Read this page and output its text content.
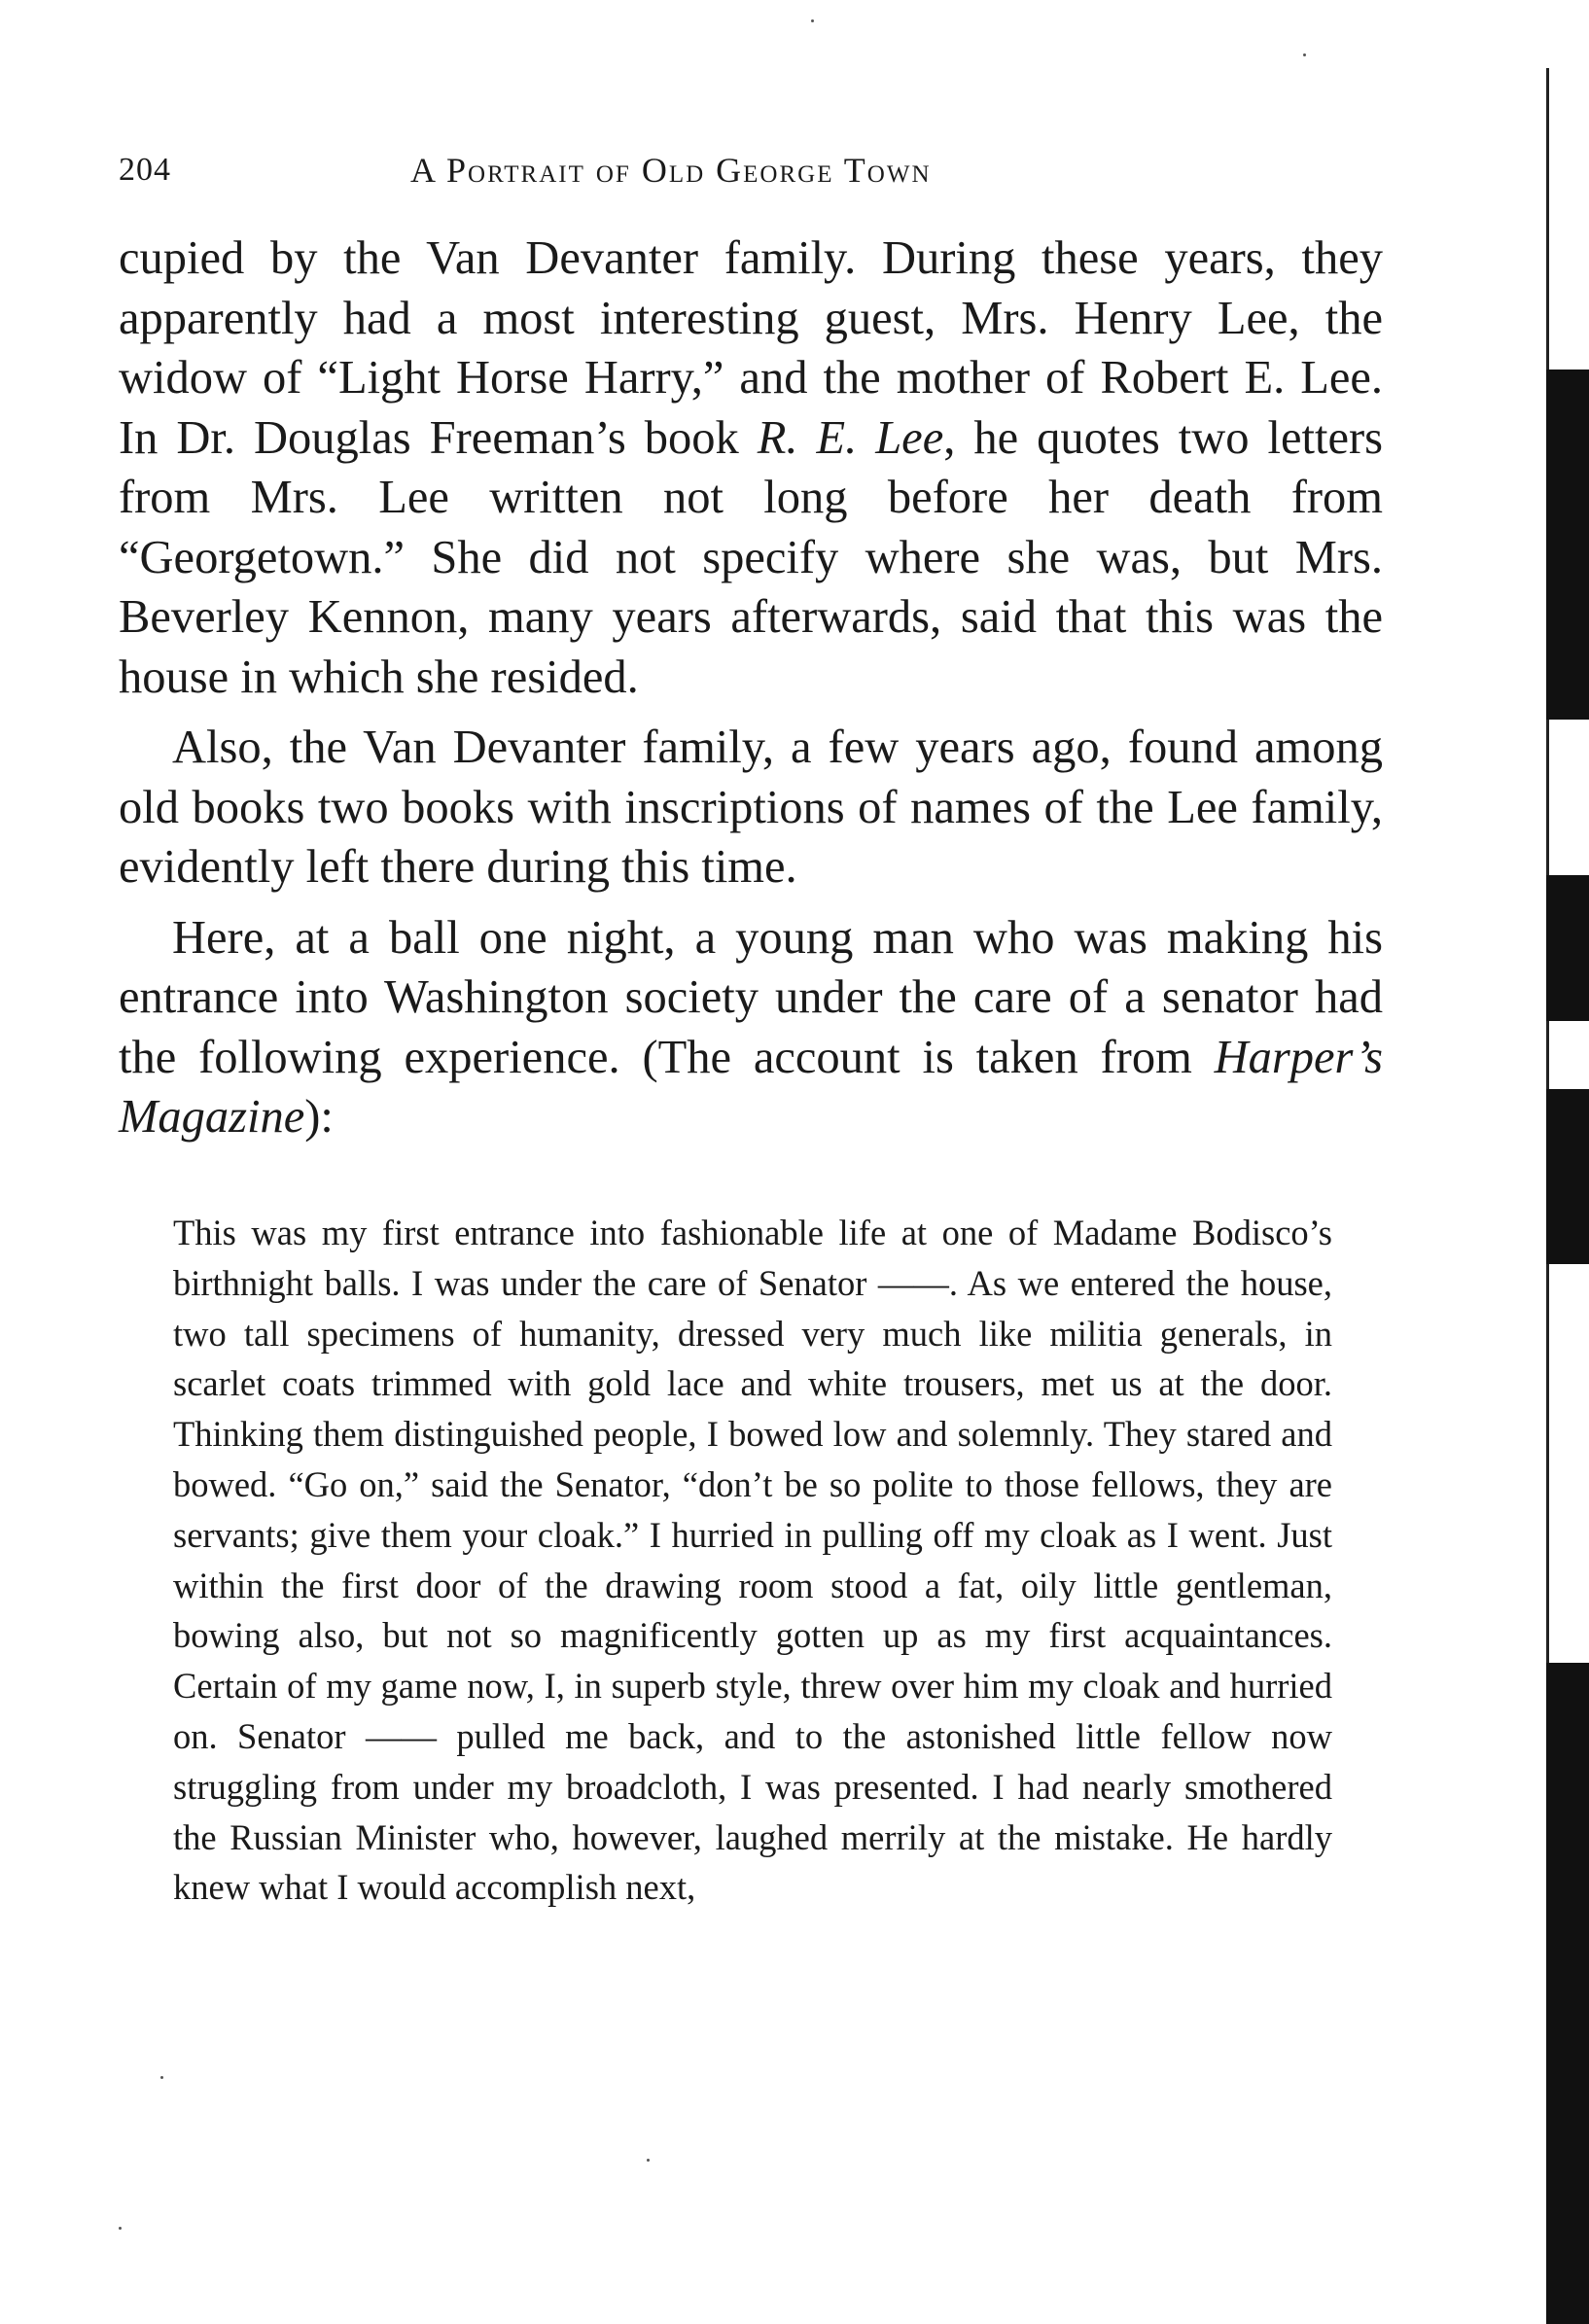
204	A Portrait of Old George Town

cupied by the Van Devanter family. During these years, they apparently had a most interesting guest, Mrs. Henry Lee, the widow of “Light Horse Harry,” and the mother of Robert E. Lee. In Dr. Douglas Freeman’s book R. E. Lee, he quotes two letters from Mrs. Lee written not long before her death from “Georgetown.” She did not specify where she was, but Mrs. Beverley Kennon, many years afterwards, said that this was the house in which she resided.

Also, the Van Devanter family, a few years ago, found among old books two books with inscriptions of names of the Lee family, evidently left there during this time.

Here, at a ball one night, a young man who was making his entrance into Washington society under the care of a senator had the following experience. (The account is taken from Harper’s Magazine):

This was my first entrance into fashionable life at one of Madame Bodisco’s birthnight balls. I was under the care of Senator ——. As we entered the house, two tall specimens of humanity, dressed very much like militia generals, in scarlet coats trimmed with gold lace and white trousers, met us at the door. Thinking them distinguished people, I bowed low and solemnly. They stared and bowed. “Go on,” said the Senator, “don’t be so polite to those fellows, they are servants; give them your cloak.” I hurried in pulling off my cloak as I went. Just within the first door of the drawing room stood a fat, oily little gentleman, bowing also, but not so magnificently gotten up as my first acquaintances. Certain of my game now, I, in superb style, threw over him my cloak and hurried on. Senator —— pulled me back, and to the astonished little fellow now struggling from under my broadcloth, I was presented. I had nearly smothered the Russian Minister who, however, laughed merrily at the mistake. He hardly knew what I would accomplish next,
